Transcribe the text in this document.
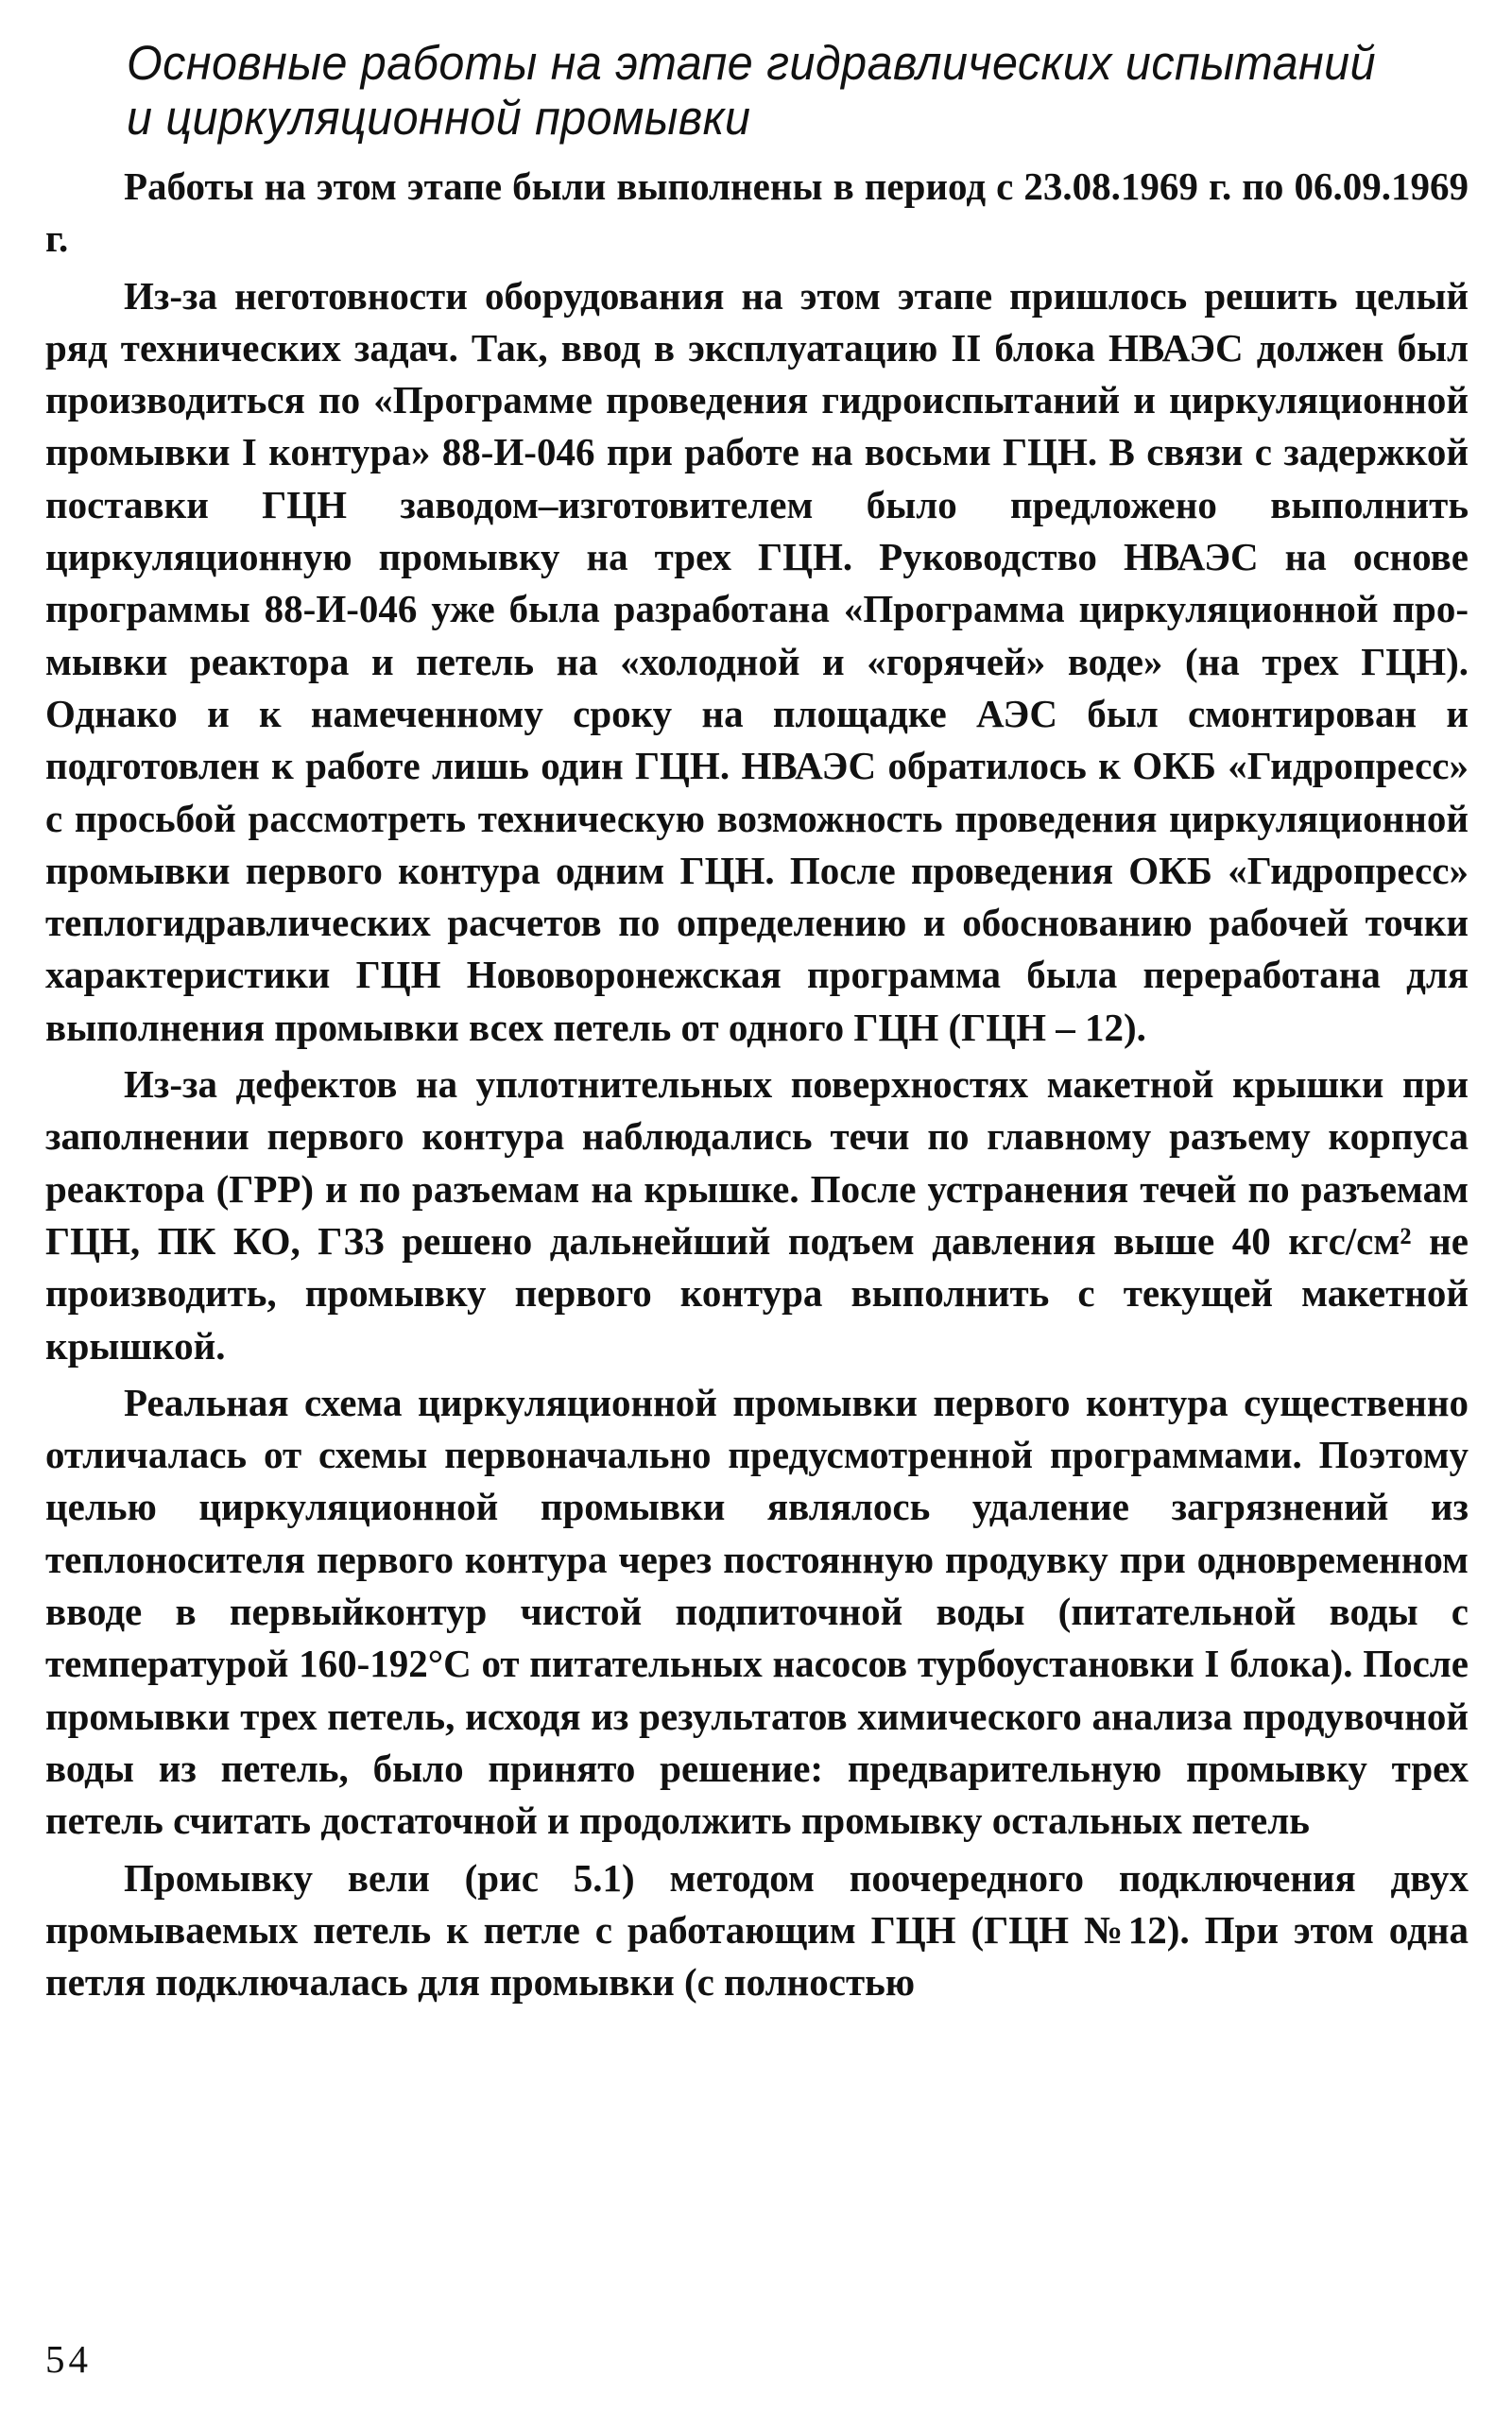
Основные работы на этапе гидравлических испытаний и циркуляционной промывки

Работы на этом этапе были выполнены в период с 23.08.1969 г. по 06.09.1969 г.

Из-за неготовности оборудования на этом этапе пришлось решить целый ряд технических задач. Так, ввод в эксплуатацию II блока НВАЭС должен был производиться по «Программе проведения гидроиспытаний и циркуляционной промывки I контура» 88-И-046 при работе на восьми ГЦН. В связи с задержкой поставки ГЦН заводом–изготовителем было предложено выполнить циркуляционную промывку на трех ГЦН. Руководство НВАЭС на основе программы 88-И-046 уже была разработана «Программа циркуляционной промывки реактора и петель на «холодной и «горячей» воде» (на трех ГЦН). Однако и к намеченному сроку на площадке АЭС был смонтирован и подготовлен к работе лишь один ГЦН. НВАЭС обратилось к ОКБ «Гидропресс» с просьбой рассмотреть техническую возможность проведения циркуляционной промывки первого контура одним ГЦН. После проведения ОКБ «Гидропресс» теплогидравлических расчетов по определению и обоснованию рабочей точки характеристики ГЦН Нововоронежская программа была переработана для выполнения промывки всех петель от одного ГЦН (ГЦН – 12).

Из-за дефектов на уплотнительных поверхностях макетной крышки при заполнении первого контура наблюдались течи по главному разъему корпуса реактора (ГРР) и по разъемам на крышке. После устранения течей по разъемам ГЦН, ПК КО, ГЗЗ решено дальнейший подъем давления выше 40 кгс/см² не производить, промывку первого контура выполнить с текущей макетной крышкой.

Реальная схема циркуляционной промывки первого контура существенно отличалась от схемы первоначально предусмотренной программами. Поэтому целью циркуляционной промывки являлось удаление загрязнений из теплоносителя первого контура через постоянную продувку при одновременном вводе в первыйконтур чистой подпиточной воды (питательной воды с температурой 160-192°С от питательных насосов турбоустановки I блока). После промывки трех петель, исходя из результатов химического анализа продувочной воды из петель, было принято решение: предварительную промывку трех петель считать достаточной и продолжить промывку остальных петель

Промывку вели (рис 5.1) методом поочередного подключения двух промываемых петель к петле с работающим ГЦН (ГЦН №12). При этом одна петля подключалась для промывки (с полностью

54
